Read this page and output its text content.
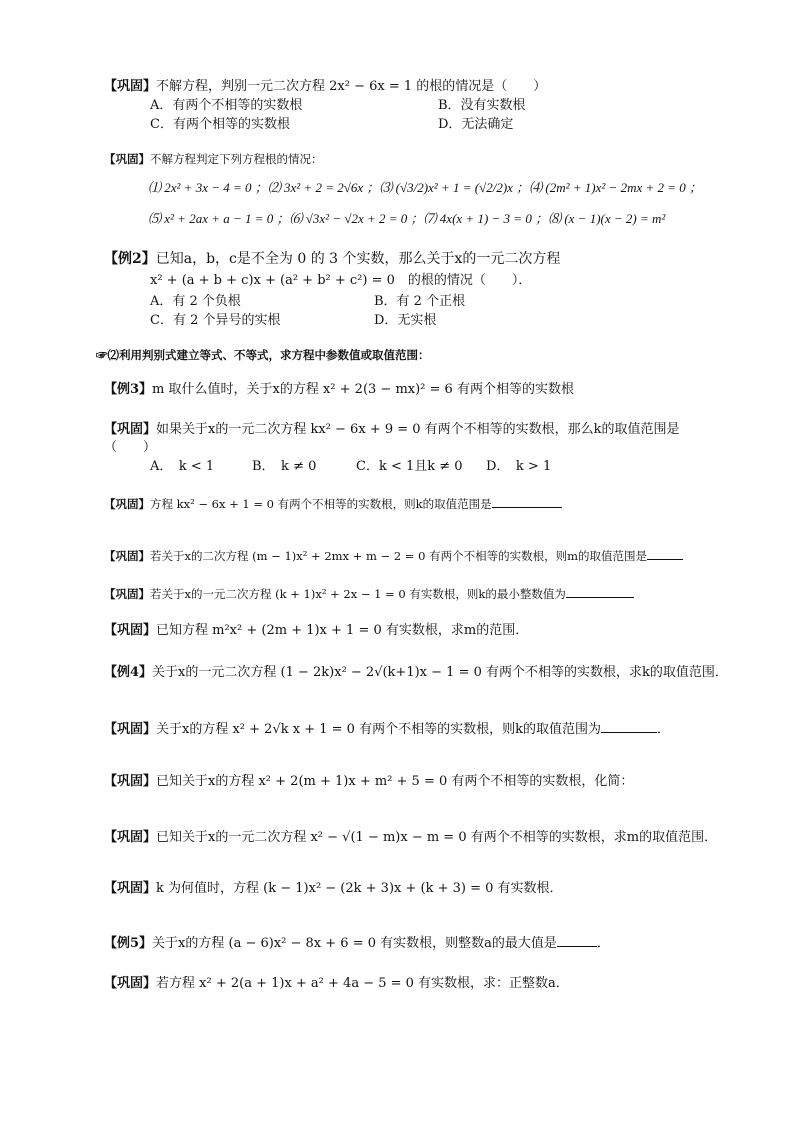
【巩固】不解方程，判别一元二次方程 2x² − 6x = 1 的根的情况是（　　）
A．有两个不相等的实数根	B．没有实数根
C．有两个相等的实数根	D．无法确定
【巩固】不解方程判定下列方程根的情况：
⑴ 2x² + 3x − 4 = 0 ；⑵ 3x² + 2 = 2√6x ；⑶ (√3/2)x² + 1 = (√2/2)x ；⑷ (2m² + 1)x² − 2mx + 2 = 0 ；
⑸ x² + 2ax + a − 1 = 0 ；⑹ √3x² − √2x + 2 = 0 ；⑺ 4x(x + 1) − 3 = 0 ；⑻ (x − 1)(x − 2) = m²
【例2】已知a，b，c是不全为 0 的 3 个实数，那么关于x的一元二次方程
x² + (a + b + c)x + (a² + b² + c²) = 0　的根的情况（　　）．
A．有 2 个负根	B．有 2 个正根
C．有 2 个异号的实根	D．无实根
☞⑵利用判别式建立等式、不等式，求方程中参数值或取值范围：
【例3】m 取什么值时，关于x的方程 x² + 2(3 − mx)² = 6 有两个相等的实数根
【巩固】如果关于x的一元二次方程 kx² − 6x + 9 = 0 有两个不相等的实数根，那么k的取值范围是
（　　）
A．　k < 1	B．　k ≠ 0	C．k < 1且k ≠ 0 D．　k > 1
【巩固】方程 kx² − 6x + 1 = 0 有两个不相等的实数根，则k的取值范围是
【巩固】若关于x的二次方程 (m − 1)x² + 2mx + m − 2 = 0 有两个不相等的实数根，则m的取值范围是
【巩固】若关于x的一元二次方程 (k + 1)x² + 2x − 1 = 0 有实数根，则k的最小整数值为
【巩固】已知方程 m²x² + (2m + 1)x + 1 = 0 有实数根，求m的范围．
【例4】关于x的一元二次方程 (1 − 2k)x² − 2√(k+1)x − 1 = 0 有两个不相等的实数根，求k的取值范围．
【巩固】关于x的方程 x² + 2√k x + 1 = 0 有两个不相等的实数根，则k的取值范围为	．
【巩固】已知关于x的方程 x² + 2(m + 1)x + m² + 5 = 0 有两个不相等的实数根，化简：
【巩固】已知关于x的一元二次方程 x² − √(1 − m)x − m = 0 有两个不相等的实数根，求m的取值范围．
【巩固】k 为何值时，方程 (k − 1)x² − (2k + 3)x + (k + 3) = 0 有实数根．
【例5】关于x的方程 (a − 6)x² − 8x + 6 = 0 有实数根，则整数a的最大值是	．
【巩固】若方程 x² + 2(a + 1)x + a² + 4a − 5 = 0 有实数根，求：正整数a．
